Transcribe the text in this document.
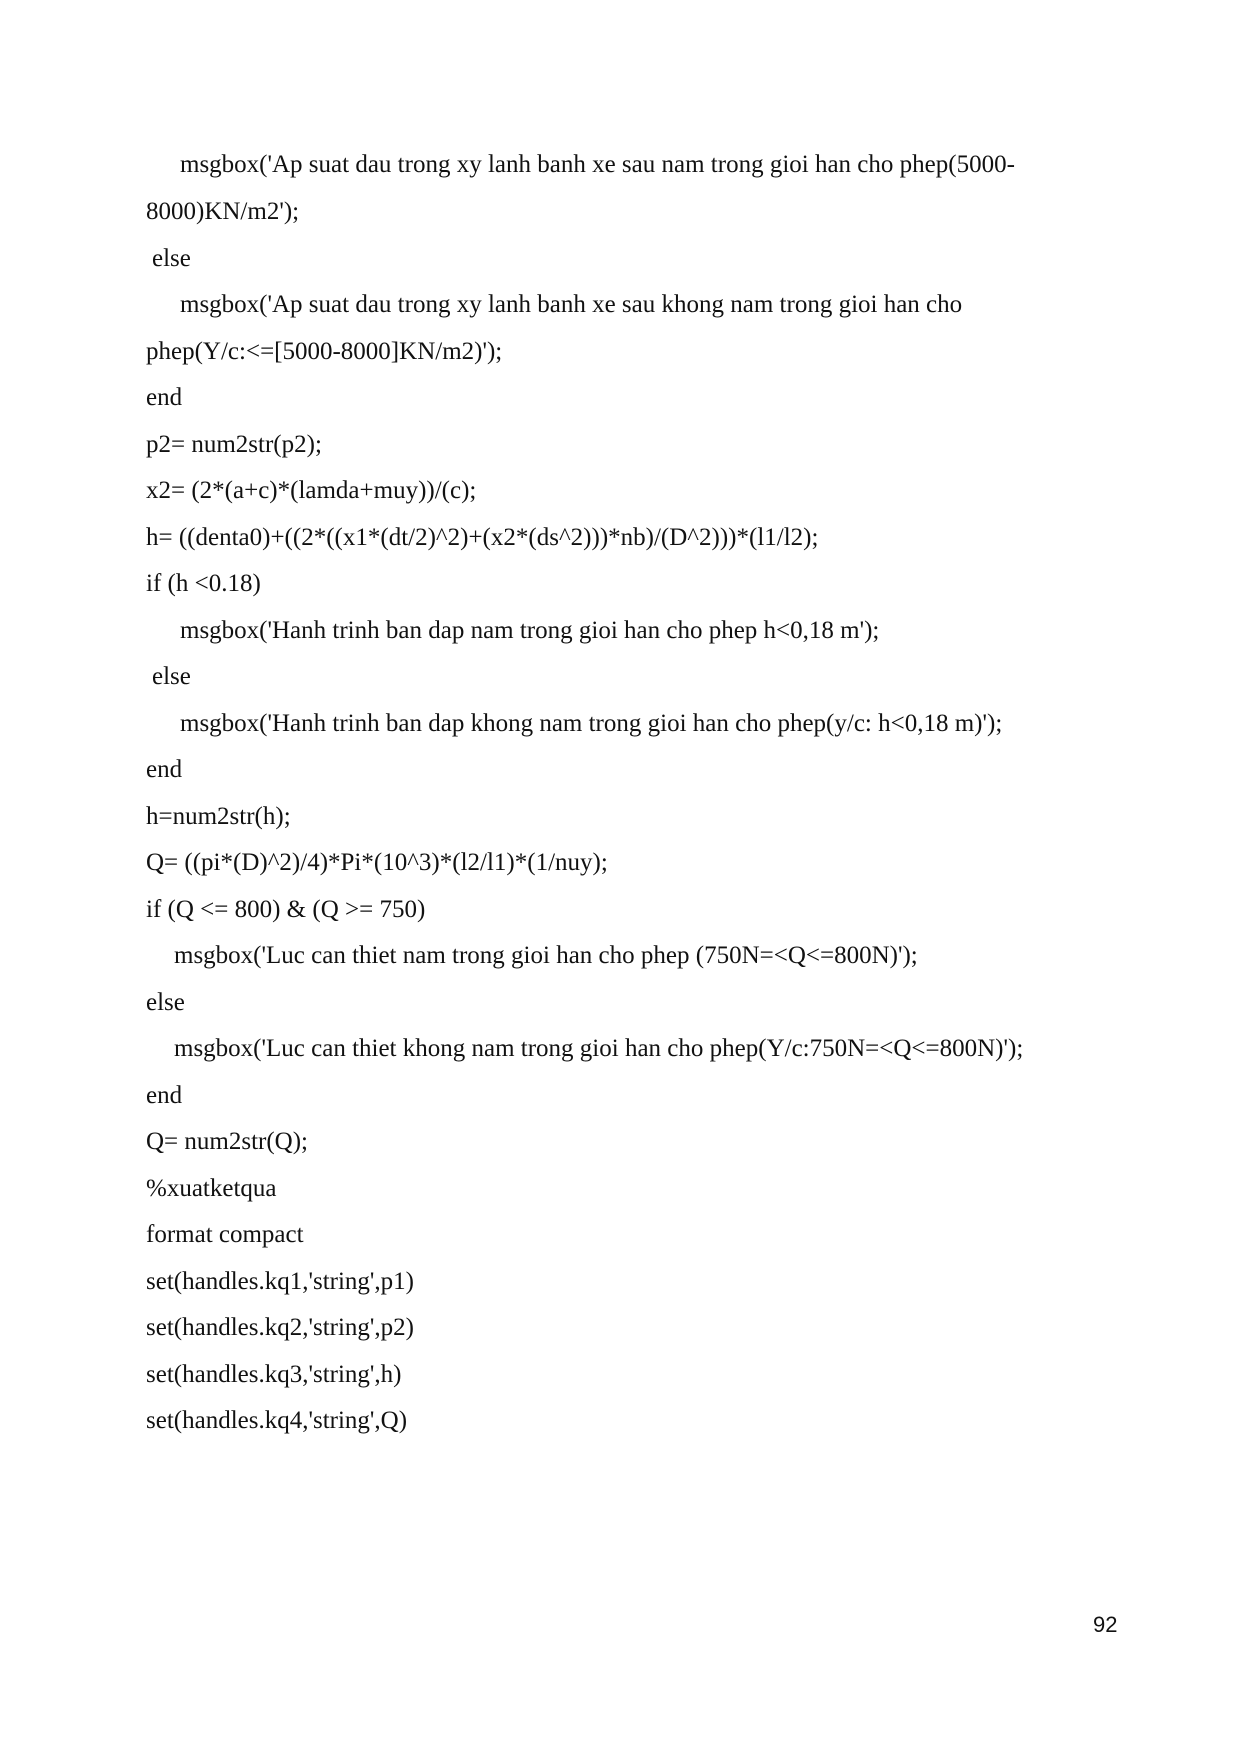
msgbox('Ap suat dau trong xy lanh banh xe sau nam trong gioi han cho phep(5000-
8000)KN/m2');
else
msgbox('Ap suat dau trong xy lanh banh xe sau khong nam trong gioi han cho
phep(Y/c:<=[5000-8000]KN/m2)');
end
p2= num2str(p2);
x2= (2*(a+c)*(lamda+muy))/(c);
h= ((denta0)+((2*((x1*(dt/2)^2)+(x2*(ds^2)))*nb)/(D^2)))*(l1/l2);
if (h <0.18)
msgbox('Hanh trinh ban dap nam trong gioi han cho phep h<0,18 m');
else
msgbox('Hanh trinh ban dap khong nam trong gioi han cho phep(y/c: h<0,18 m)');
end
h=num2str(h);
Q= ((pi*(D)^2)/4)*Pi*(10^3)*(l2/l1)*(1/nuy);
if (Q <= 800) & (Q >= 750)
msgbox('Luc can thiet nam trong gioi han cho phep (750N=<Q<=800N)');
else
msgbox('Luc can thiet khong nam trong gioi han cho phep(Y/c:750N=<Q<=800N)');
end
Q= num2str(Q);
%xuatketqua
format compact
set(handles.kq1,'string',p1)
set(handles.kq2,'string',p2)
set(handles.kq3,'string',h)
set(handles.kq4,'string',Q)
92
